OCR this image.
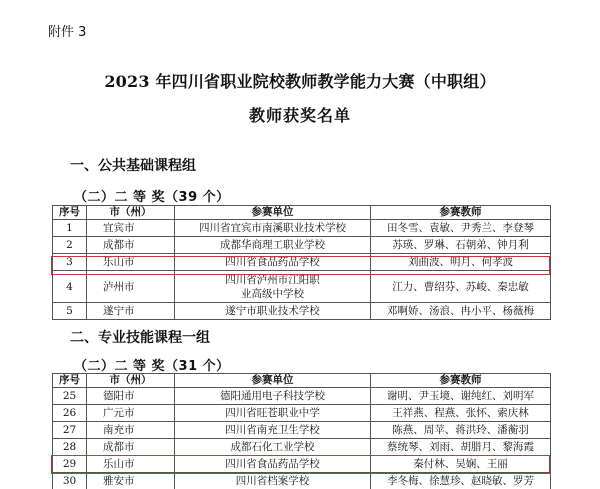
附件 3
2023 年四川省职业院校教师教学能力大赛（中职组）
教师获奖名单
一、公共基础课程组
（二）二 等 奖（39 个）
序号	市（州）	参赛单位	参赛教师
1	宜宾市	四川省宜宾市南溪职业技术学校	田冬雪、袁敏、尹秀兰、李登琴
2	成都市	成都华商理工职业学校	苏瑛、罗琳、石朝弟、钟月利
3	乐山市	四川省食品药品学校	刘曲波、明月、何孝波
4	泸州市	四川省泸州市江阳职业高级中学校	江力、曹绍芬、苏峻、秦忠敏
5	遂宁市	遂宁市职业技术学校	邓啊娇、汤浪、冉小平、杨薇梅
二、专业技能课程一组
（二）二 等 奖（31 个）
序号	市（州）	参赛单位	参赛教师
25	德阳市	德阳通用电子科技学校	谢明、尹玉境、谢纯红、刘明军
26	广元市	四川省旺苍职业中学	王祥燕、程燕、张怀、索庆林
27	南充市	四川省南充卫生学校	陈燕、周苹、蒋洪玲、潘蘅羽
28	成都市	成都石化工业学校	蔡统琴、刘雨、胡腊月、黎海霞
29	乐山市	四川省食品药品学校	秦付林、吴娴、王丽
30	雅安市	四川省档案学校	李冬梅、徐慧珍、赵晓敏、罗芳
